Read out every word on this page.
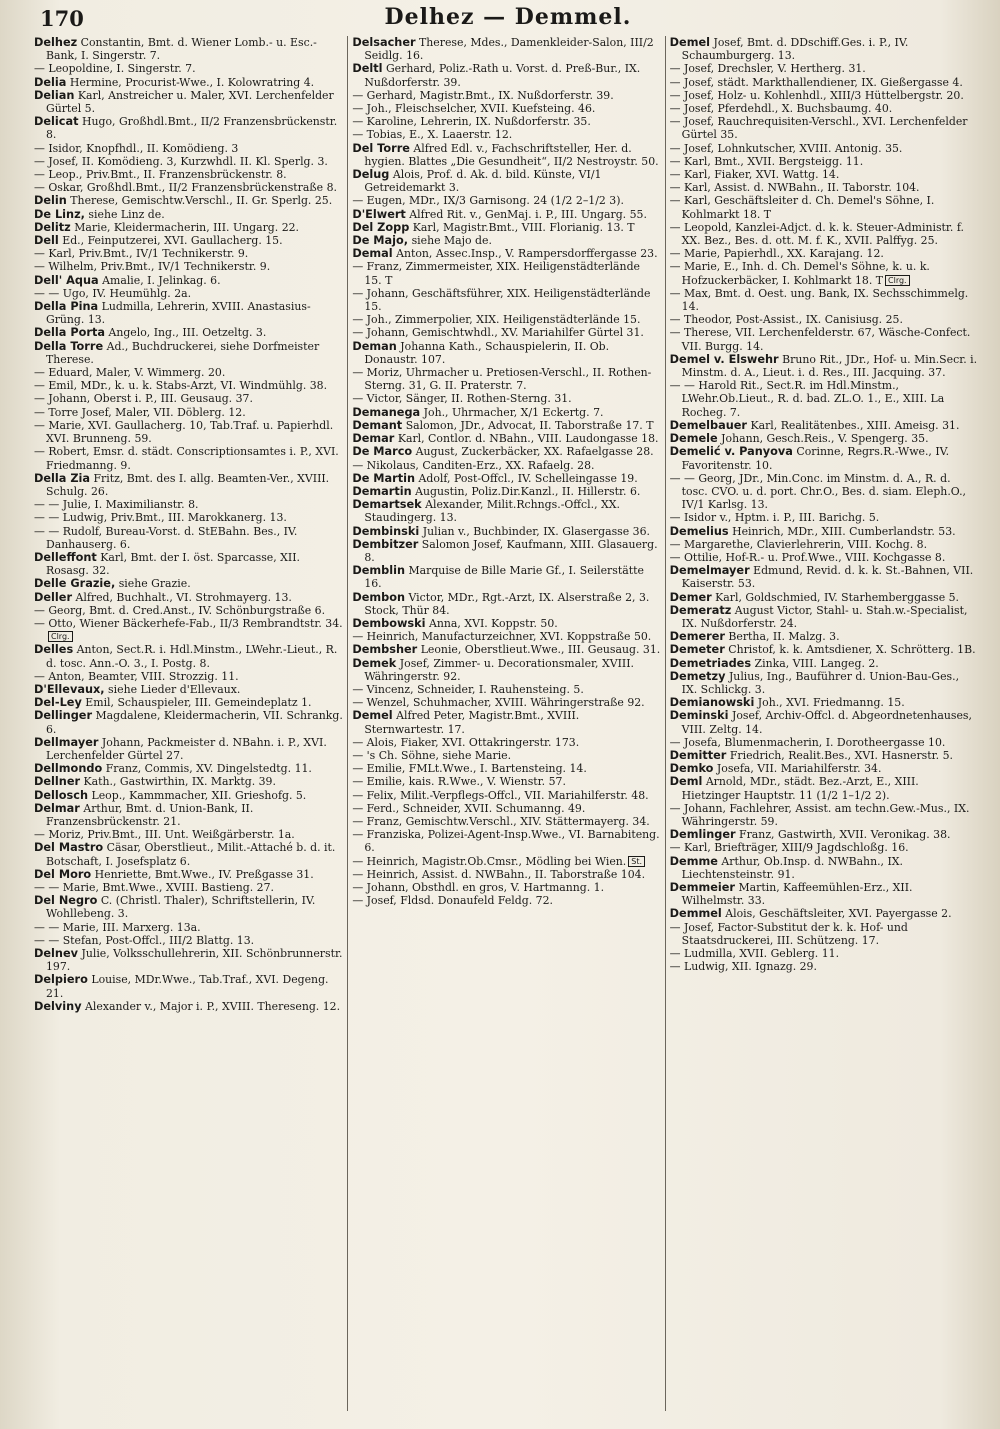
170	Delhez — Demmel.

Delhez Constantin, Bmt. d. Wiener Lomb.- u. Esc.-Bank, I. Singerstr. 7.

— Leopoldine, I. Singerstr. 7.

Delia Hermine, Procurist-Wwe., I. Kolowratring 4.

Delian Karl, Anstreicher u. Maler, XVI. Lerchenfelder Gürtel 5.

Delicat Hugo, Großhdl.Bmt., II/2 Franzensbrückenstr. 8.

— Isidor, Knopfhdl., II. Komödieng. 3

— Josef, II. Komödieng. 3, Kurzwhdl. II. Kl. Sperlg. 3.

— Leop., Priv.Bmt., II. Franzensbrückenstr. 8.

— Oskar, Großhdl.Bmt., II/2 Franzensbrückenstraße 8.

Delin Therese, Gemischtw.Verschl., II. Gr. Sperlg. 25.

De Linz, siehe Linz de.

Delitz Marie, Kleidermacherin, III. Ungarg. 22.

Dell Ed., Feinputzerei, XVI. Gaullacherg. 15.

— Karl, Priv.Bmt., IV/1 Technikerstr. 9.

— Wilhelm, Priv.Bmt., IV/1 Technikerstr. 9.

Dell' Aqua Amalie, I. Jelinkag. 6.

— — Ugo, IV. Heumühlg. 2a.

Della Pina Ludmilla, Lehrerin, XVIII. Anastasius-Grüng. 13.

Della Porta Angelo, Ing., III. Oetzeltg. 3.

Della Torre Ad., Buchdruckerei, siehe Dorfmeister Therese.

— Eduard, Maler, V. Wimmerg. 20.

— Emil, MDr., k. u. k. Stabs-Arzt, VI. Windmühlg. 38.

— Johann, Oberst i. P., III. Geusaug. 37.

— Torre Josef, Maler, VII. Döblerg. 12.

— Marie, XVI. Gaullacherg. 10, Tab.Traf. u. Papierhdl. XVI. Brunneng. 59.

— Robert, Emsr. d. städt. Conscriptionsamtes i. P., XVI. Friedmanng. 9.

Della Zia Fritz, Bmt. des I. allg. Beamten-Ver., XVIII. Schulg. 26.

— — Julie, I. Maximilianstr. 8.

— — Ludwig, Priv.Bmt., III. Marokkanerg. 13.

— — Rudolf, Bureau-Vorst. d. StEBahn. Bes., IV. Danhauserg. 6.

Delleffont Karl, Bmt. der I. öst. Sparcasse, XII. Rosasg. 32.

Delle Grazie, siehe Grazie.

Deller Alfred, Buchhalt., VI. Strohmayerg. 13.

— Georg, Bmt. d. Cred.Anst., IV. Schönburgstraße 6.

— Otto, Wiener Bäckerhefe-Fab., II/3 Rembrandtstr. 34.Clrg.

Delles Anton, Sect.R. i. Hdl.Minstm., LWehr.-Lieut., R. d. tosc. Ann.-O. 3., I. Postg. 8.

— Anton, Beamter, VIII. Strozzig. 11.

D'Ellevaux, siehe Lieder d'Ellevaux.

Del-Ley Emil, Schauspieler, III. Gemeindeplatz 1.

Dellinger Magdalene, Kleidermacherin, VII. Schrankg. 6.

Dellmayer Johann, Packmeister d. NBahn. i. P., XVI. Lerchenfelder Gürtel 27.

Dellmondo Franz, Commis, XV. Dingelstedtg. 11.

Dellner Kath., Gastwirthin, IX. Marktg. 39.

Dellosch Leop., Kammmacher, XII. Grieshofg. 5.

Delmar Arthur, Bmt. d. Union-Bank, II. Franzensbrückenstr. 21.

— Moriz, Priv.Bmt., III. Unt. Weißgärberstr. 1a.

Del Mastro Cäsar, Oberstlieut., Milit.-Attaché b. d. it. Botschaft, I. Josefsplatz 6.

Del Moro Henriette, Bmt.Wwe., IV. Preßgasse 31.

— — Marie, Bmt.Wwe., XVIII. Bastieng. 27.

Del Negro C. (Christl. Thaler), Schriftstellerin, IV. Wohllebeng. 3.

— — Marie, III. Marxerg. 13a.

— — Stefan, Post-Offcl., III/2 Blattg. 13.

Delnev Julie, Volksschullehrerin, XII. Schönbrunnerstr. 197.

Delpiero Louise, MDr.Wwe., Tab.Traf., XVI. Degeng. 21.

Delviny Alexander v., Major i. P., XVIII. Thereseng. 12.

Delsacher Therese, Mdes., Damenkleider-Salon, III/2 Seidlg. 16.

Deltl Gerhard, Poliz.-Rath u. Vorst. d. Preß-Bur., IX. Nußdorferstr. 39.

— Gerhard, Magistr.Bmt., IX. Nußdorferstr. 39.

— Joh., Fleischselcher, XVII. Kuefsteing. 46.

— Karoline, Lehrerin, IX. Nußdorferstr. 35.

— Tobias, E., X. Laaerstr. 12.

Del Torre Alfred Edl. v., Fachschriftsteller, Her. d. hygien. Blattes „Die Gesundheit“, II/2 Nestroystr. 50.

Delug Alois, Prof. d. Ak. d. bild. Künste, VI/1 Getreidemarkt 3.

— Eugen, MDr., IX/3 Garnisong. 24 (1/2 2–1/2 3).

D'Elwert Alfred Rit. v., GenMaj. i. P., III. Ungarg. 55.

Del Zopp Karl, Magistr.Bmt., VIII. Florianig. 13. T

De Majo, siehe Majo de.

Demal Anton, Assec.Insp., V. Rampersdorffergasse 23.

— Franz, Zimmermeister, XIX. Heiligenstädterlände 15. T

— Johann, Geschäftsführer, XIX. Heiligenstädterlände 15.

— Joh., Zimmerpolier, XIX. Heiligenstädterlände 15.

— Johann, Gemischtwhdl., XV. Mariahilfer Gürtel 31.

Deman Johanna Kath., Schauspielerin, II. Ob. Donaustr. 107.

— Moriz, Uhrmacher u. Pretiosen-Verschl., II. Rothen-Sterng. 31, G. II. Praterstr. 7.

— Victor, Sänger, II. Rothen-Sterng. 31.

Demanega Joh., Uhrmacher, X/1 Eckertg. 7.

Demant Salomon, JDr., Advocat, II. Taborstraße 17. T

Demar Karl, Contlor. d. NBahn., VIII. Laudongasse 18.

De Marco August, Zuckerbäcker, XX. Rafaelgasse 28.

— Nikolaus, Canditen-Erz., XX. Rafaelg. 28.

De Martin Adolf, Post-Offcl., IV. Schelleingasse 19.

Demartin Augustin, Poliz.Dir.Kanzl., II. Hillerstr. 6.

Demartsek Alexander, Milit.Rchngs.-Offcl., XX. Staudingerg. 13.

Dembinski Julian v., Buchbinder, IX. Glasergasse 36.

Dembitzer Salomon Josef, Kaufmann, XIII. Glasauerg. 8.

Demblin Marquise de Bille Marie Gf., I. Seilerstätte 16.

Dembon Victor, MDr., Rgt.-Arzt, IX. Alserstraße 2, 3. Stock, Thür 84.

Dembowski Anna, XVI. Koppstr. 50.

— Heinrich, Manufacturzeichner, XVI. Koppstraße 50.

Dembsher Leonie, Oberstlieut.Wwe., III. Geusaug. 31.

Demek Josef, Zimmer- u. Decorationsmaler, XVIII. Währingerstr. 92.

— Vincenz, Schneider, I. Rauhensteing. 5.

— Wenzel, Schuhmacher, XVIII. Währingerstraße 92.

Demel Alfred Peter, Magistr.Bmt., XVIII. Sternwartestr. 17.

— Alois, Fiaker, XVI. Ottakringerstr. 173.

— 's Ch. Söhne, siehe Marie.

— Emilie, FMLt.Wwe., I. Bartensteing. 14.

— Emilie, kais. R.Wwe., V. Wienstr. 57.

— Felix, Milit.-Verpflegs-Offcl., VII. Mariahilferstr. 48.

— Ferd., Schneider, XVII. Schumanng. 49.

— Franz, Gemischtw.Verschl., XIV. Stättermayerg. 34.

— Franziska, Polizei-Agent-Insp.Wwe., VI. Barnabiteng. 6.

— Heinrich, Magistr.Ob.Cmsr., Mödling bei Wien. St.

— Heinrich, Assist. d. NWBahn., II. Taborstraße 104.

— Johann, Obsthdl. en gros, V. Hartmanng. 1.

— Josef, Fldsd. Donaufeld Feldg. 72.

Demel Josef, Bmt. d. DDschiff.Ges. i. P., IV. Schaumburgerg. 13.

— Josef, Drechsler, V. Hertherg. 31.

— Josef, städt. Markthallendiener, IX. Gießergasse 4.

— Josef, Holz- u. Kohlenhdl., XIII/3 Hüttelbergstr. 20.

— Josef, Pferdehdl., X. Buchsbaumg. 40.

— Josef, Rauchrequisiten-Verschl., XVI. Lerchenfelder Gürtel 35.

— Josef, Lohnkutscher, XVIII. Antonig. 35.

— Karl, Bmt., XVII. Bergsteigg. 11.

— Karl, Fiaker, XVI. Wattg. 14.

— Karl, Assist. d. NWBahn., II. Taborstr. 104.

— Karl, Geschäftsleiter d. Ch. Demel's Söhne, I. Kohlmarkt 18. T

— Leopold, Kanzlei-Adjct. d. k. k. Steuer-Administr. f. XX. Bez., Bes. d. ott. M. f. K., XVII. Palffyg. 25.

— Marie, Papierhdl., XX. Karajang. 12.

— Marie, E., Inh. d. Ch. Demel's Söhne, k. u. k. Hofzuckerbäcker, I. Kohlmarkt 18. T Clrg.

— Max, Bmt. d. Oest. ung. Bank, IX. Sechsschimmelg. 14.

— Theodor, Post-Assist., IX. Canisiusg. 25.

— Therese, VII. Lerchenfelderstr. 67, Wäsche-Confect. VII. Burgg. 14.

Demel v. Elswehr Bruno Rit., JDr., Hof- u. Min.Secr. i. Minstm. d. A., Lieut. i. d. Res., III. Jacquing. 37.

— — Harold Rit., Sect.R. im Hdl.Minstm., LWehr.Ob.Lieut., R. d. bad. ZL.O. 1., E., XIII. La Rocheg. 7.

Demelbauer Karl, Realitätenbes., XIII. Ameisg. 31.

Demele Johann, Gesch.Reis., V. Spengerg. 35.

Demelić v. Panyova Corinne, Regrs.R.-Wwe., IV. Favoritenstr. 10.

— — Georg, JDr., Min.Conc. im Minstm. d. A., R. d. tosc. CVO. u. d. port. Chr.O., Bes. d. siam. Eleph.O., IV/1 Karlsg. 13.

— Isidor v., Hptm. i. P., III. Barichg. 5.

Demelius Heinrich, MDr., XIII. Cumberlandstr. 53.

— Margarethe, Clavierlehrerin, VIII. Kochg. 8.

— Ottilie, Hof-R.- u. Prof.Wwe., VIII. Kochgasse 8.

Demelmayer Edmund, Revid. d. k. k. St.-Bahnen, VII. Kaiserstr. 53.

Demer Karl, Goldschmied, IV. Starhemberggasse 5.

Demeratz August Victor, Stahl- u. Stah.w.-Specialist, IX. Nußdorferstr. 24.

Demerer Bertha, II. Malzg. 3.

Demeter Christof, k. k. Amtsdiener, X. Schrötterg. 1B.

Demetriades Zinka, VIII. Langeg. 2.

Demetzy Julius, Ing., Bauführer d. Union-Bau-Ges., IX. Schlickg. 3.

Demianowski Joh., XVI. Friedmanng. 15.

Deminski Josef, Archiv-Offcl. d. Abgeordnetenhauses, VIII. Zeltg. 14.

— Josefa, Blumenmacherin, I. Dorotheergasse 10.

Demitter Friedrich, Realit.Bes., XVI. Hasnerstr. 5.

Demko Josefa, VII. Mariahilferstr. 34.

Deml Arnold, MDr., städt. Bez.-Arzt, E., XIII. Hietzinger Hauptstr. 11 (1/2 1–1/2 2).

— Johann, Fachlehrer, Assist. am techn.Gew.-Mus., IX. Währingerstr. 59.

Demlinger Franz, Gastwirth, XVII. Veronikag. 38.

— Karl, Briefträger, XIII/9 Jagdschloßg. 16.

Demme Arthur, Ob.Insp. d. NWBahn., IX. Liechtensteinstr. 91.

Demmeier Martin, Kaffeemühlen-Erz., XII. Wilhelmstr. 33.

Demmel Alois, Geschäftsleiter, XVI. Payergasse 2.

— Josef, Factor-Substitut der k. k. Hof- und Staatsdruckerei, III. Schützeng. 17.

— Ludmilla, XVII. Geblerg. 11.

— Ludwig, XII. Ignazg. 29.
